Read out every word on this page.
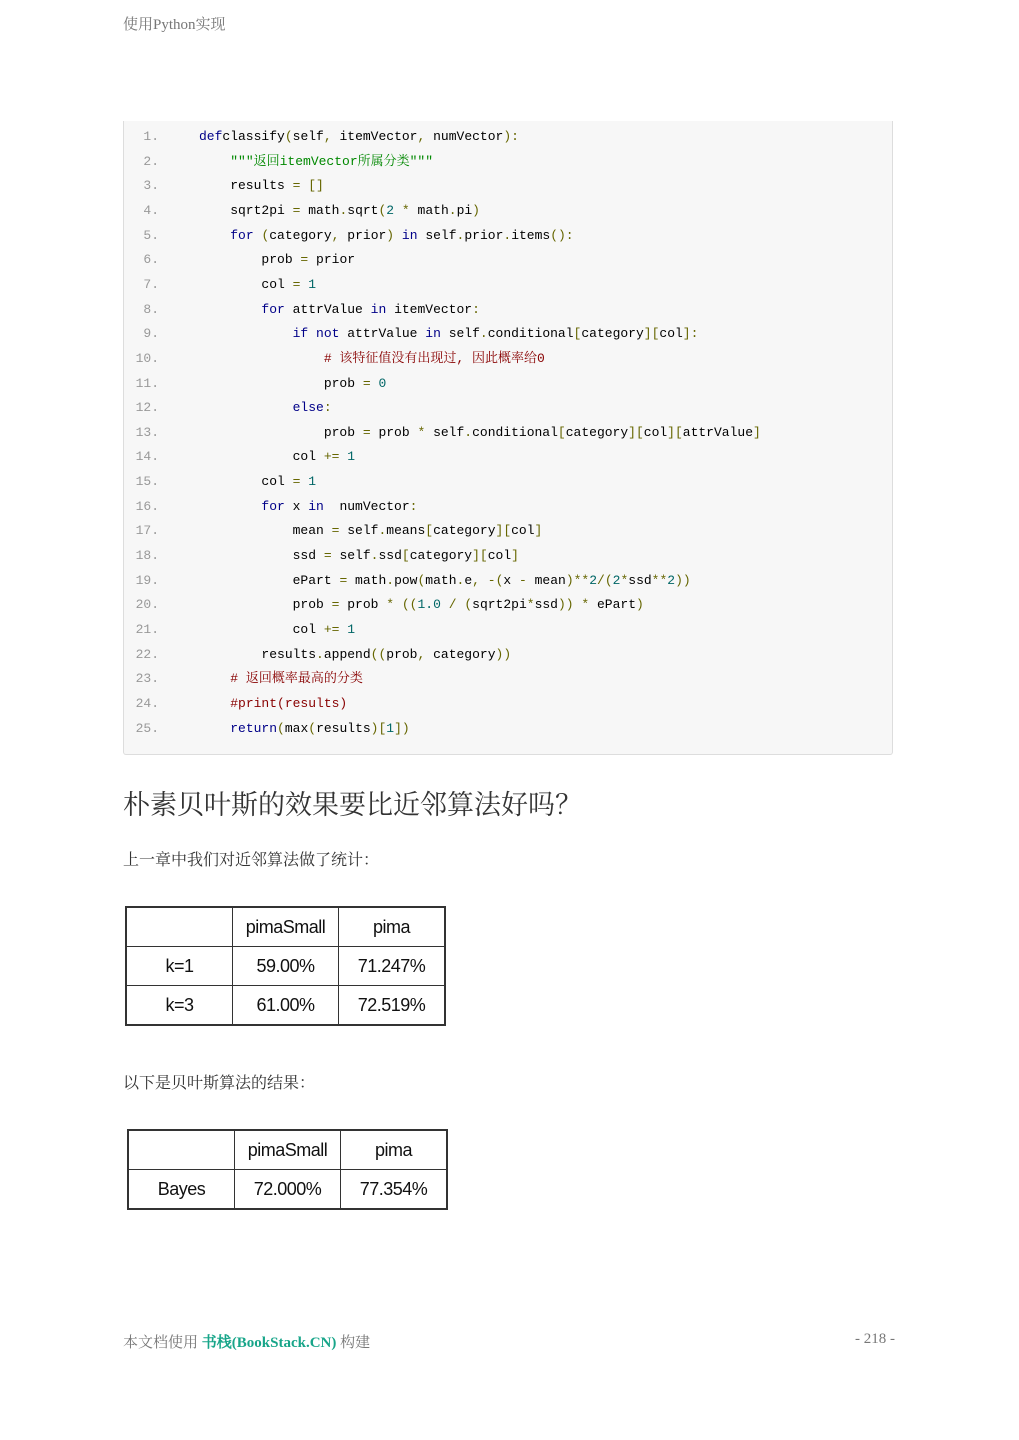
使用Python实现
1.	defclassify(self, itemVector, numVector):
2.	"""返回itemVector所属分类"""
3.	results = []
4.	sqrt2pi = math.sqrt(2 * math.pi)
5.	for (category, prior) in self.prior.items():
6.	prob = prior
7.	col = 1
8.	for attrValue in itemVector:
9.	if not attrValue in self.conditional[category][col]:
10.	# 该特征值没有出现过, 因此概率给0
11.	prob = 0
12.	else:
13.	prob = prob * self.conditional[category][col][attrValue]
14.	col += 1
15.	col = 1
16.	for x in  numVector:
17.	mean = self.means[category][col]
18.	ssd = self.ssd[category][col]
19.	ePart = math.pow(math.e, -(x - mean)**2/(2*ssd**2))
20.	prob = prob * ((1.0 / (sqrt2pi*ssd)) * ePart)
21.	col += 1
22.	results.append((prob, category))
23.	# 返回概率最高的分类
24.	#print(results)
25.	return(max(results)[1])
朴素贝叶斯的效果要比近邻算法好吗？

上一章中我们对近邻算法做了统计：

	pimaSmall	pima
k=1	59.00%	71.247%
k=3	61.00%	72.519%

以下是贝叶斯算法的结果：

	pimaSmall	pima
Bayes	72.000%	77.354%
本文档使用 书栈(BookStack.CN) 构建	- 218 -
